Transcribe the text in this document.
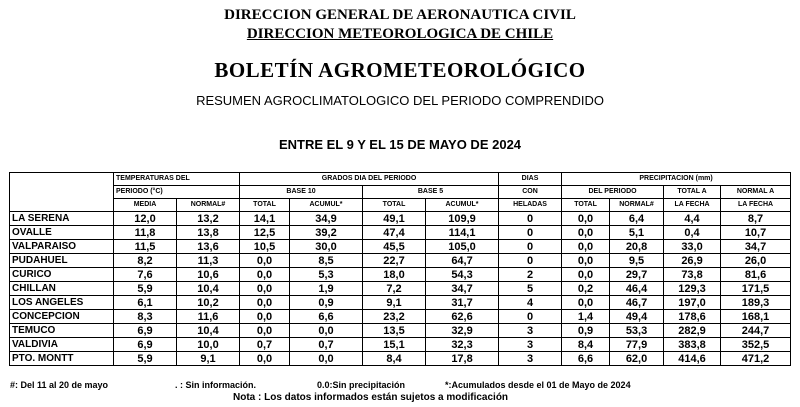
DIRECCION GENERAL DE AERONAUTICA CIVIL
DIRECCION METEOROLOGICA DE CHILE
BOLETÍN AGROMETEOROLÓGICO
RESUMEN AGROCLIMATOLOGICO DEL PERIODO COMPRENDIDO
ENTRE EL 9 Y EL 15 DE MAYO DE 2024
	TEMPERATURAS DEL		GRADOS DIA DEL PERIODO				DIAS	PRECIPITACION (mm)			
	PERIODO (°C)		BASE 10		BASE 5		CON	DEL PERIODO		TOTAL A	NORMAL A
	MEDIA	NORMAL#	TOTAL	ACUMUL*	TOTAL	ACUMUL*	HELADAS	TOTAL	NORMAL#	LA FECHA	LA FECHA
LA SERENA	12,0	13,2	14,1	34,9	49,1	109,9	0	0,0	6,4	4,4	8,7
OVALLE	11,8	13,8	12,5	39,2	47,4	114,1	0	0,0	5,1	0,4	10,7
VALPARAISO	11,5	13,6	10,5	30,0	45,5	105,0	0	0,0	20,8	33,0	34,7
PUDAHUEL	8,2	11,3	0,0	8,5	22,7	64,7	0	0,0	9,5	26,9	26,0
CURICO	7,6	10,6	0,0	5,3	18,0	54,3	2	0,0	29,7	73,8	81,6
CHILLAN	5,9	10,4	0,0	1,9	7,2	34,7	5	0,2	46,4	129,3	171,5
LOS ANGELES	6,1	10,2	0,0	0,9	9,1	31,7	4	0,0	46,7	197,0	189,3
CONCEPCION	8,3	11,6	0,0	6,6	23,2	62,6	0	1,4	49,4	178,6	168,1
TEMUCO	6,9	10,4	0,0	0,0	13,5	32,9	3	0,9	53,3	282,9	244,7
VALDIVIA	6,9	10,0	0,7	0,7	15,1	32,3	3	8,4	77,9	383,8	352,5
PTO. MONTT	5,9	9,1	0,0	0,0	8,4	17,8	3	6,6	62,0	414,6	471,2
#: Del 11 al 20 de mayo	. : Sin información.	0.0:Sin precipitación	*:Acumulados desde el 01 de Mayo de 2024
Nota : Los datos informados están sujetos a modificación
